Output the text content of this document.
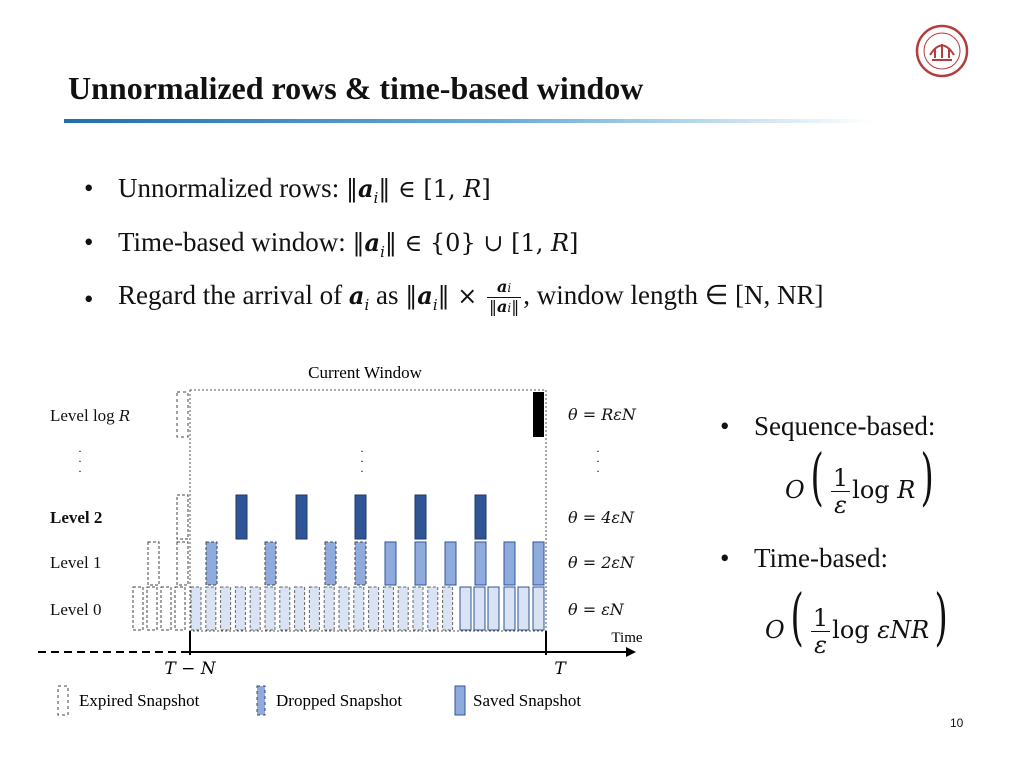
Unnormalized rows & time-based window
• Unnormalized rows: $‖a_i‖$ ∈ [1, R]
• Time-based window: $‖a_i‖$ ∈ {0} ∪ [1, R]
• Regard the arrival of $a_i$ as $‖a_i‖ \times \frac{ai}{‖ai‖}$ , window length ∈ [N, NR]
Current Window
·
·
·
·
·
·
·
·
·
Time
T − N	T
Expired Snapshot	Dropped Snapshot	Saved Snapshot
Level log R
Level 2
Level 1
Level 0
θ = RεN
θ = 4εN
θ = 2εN
θ = εN
• Sequence-based:
$O( \frac{1}{\varepsilon}$ log R)
• Time-based:
$O( \frac{1}{\varepsilon}$ log εNR)
10
